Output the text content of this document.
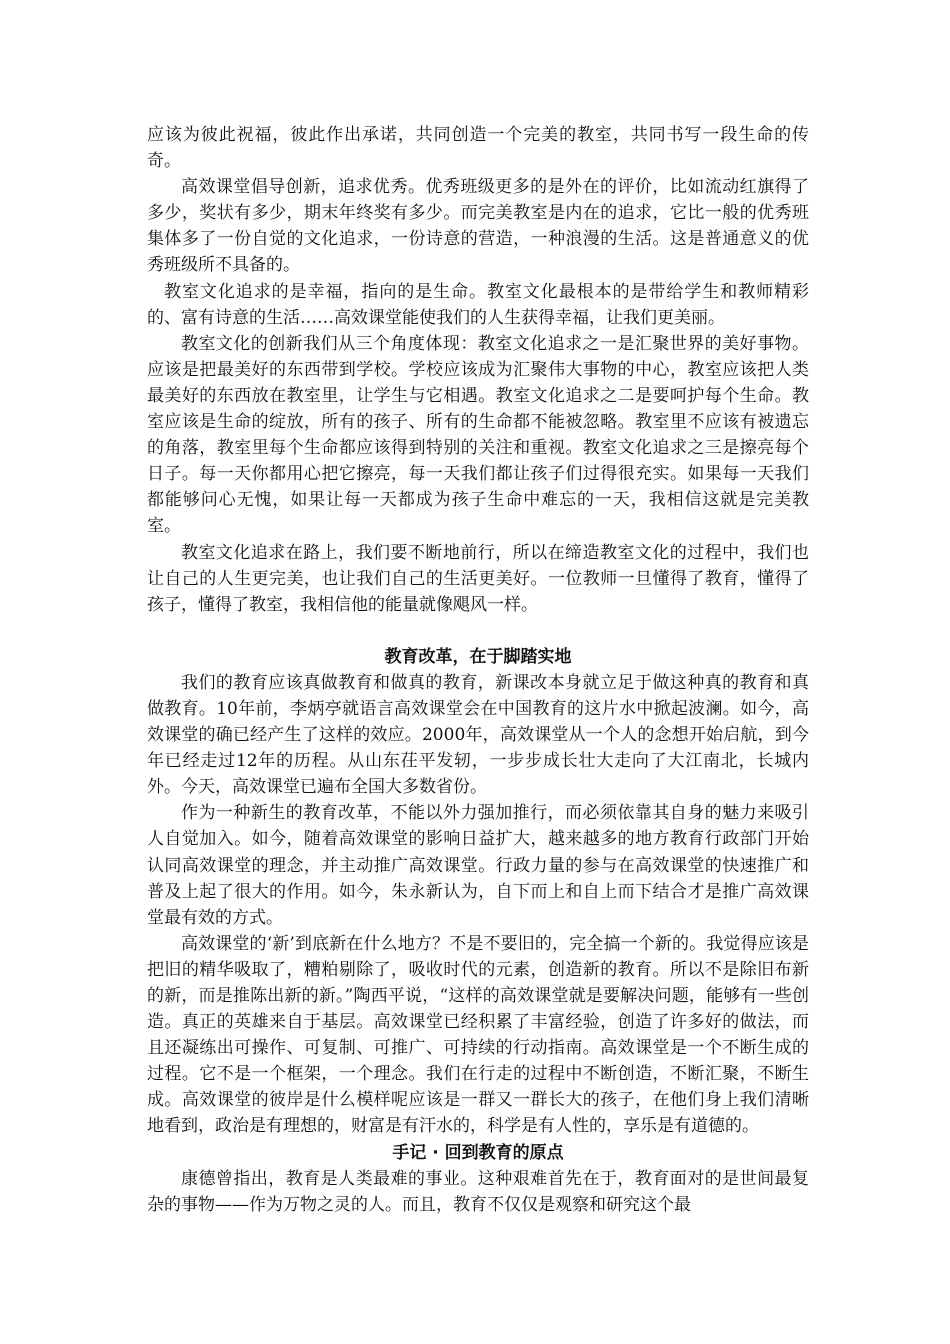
应该为彼此祝福，彼此作出承诺，共同创造一个完美的教室，共同书写一段生命的传奇。

高效课堂倡导创新，追求优秀。优秀班级更多的是外在的评价，比如流动红旗得了多少，奖状有多少，期末年终奖有多少。而完美教室是内在的追求，它比一般的优秀班集体多了一份自觉的文化追求，一份诗意的营造，一种浪漫的生活。这是普通意义的优秀班级所不具备的。

教室文化追求的是幸福，指向的是生命。教室文化最根本的是带给学生和教师精彩的、富有诗意的生活……高效课堂能使我们的人生获得幸福，让我们更美丽。

教室文化的创新我们从三个角度体现：教室文化追求之一是汇聚世界的美好事物。应该是把最美好的东西带到学校。学校应该成为汇聚伟大事物的中心，教室应该把人类最美好的东西放在教室里，让学生与它相遇。教室文化追求之二是要呵护每个生命。教室应该是生命的绽放，所有的孩子、所有的生命都不能被忽略。教室里不应该有被遗忘的角落，教室里每个生命都应该得到特别的关注和重视。教室文化追求之三是擦亮每个日子。每一天你都用心把它擦亮，每一天我们都让孩子们过得很充实。如果每一天我们都能够问心无愧，如果让每一天都成为孩子生命中难忘的一天，我相信这就是完美教室。

教室文化追求在路上，我们要不断地前行，所以在缔造教室文化的过程中，我们也让自己的人生更完美，也让我们自己的生活更美好。一位教师一旦懂得了教育，懂得了孩子，懂得了教室，我相信他的能量就像飓风一样。

教育改革，在于脚踏实地

我们的教育应该真做教育和做真的教育，新课改本身就立足于做这种真的教育和真做教育。10年前，李炳亭就语言高效课堂会在中国教育的这片水中掀起波澜。如今，高效课堂的确已经产生了这样的效应。2000年，高效课堂从一个人的念想开始启航，到今年已经走过12年的历程。从山东茌平发轫，一步步成长壮大走向了大江南北，长城内外。今天，高效课堂已遍布全国大多数省份。

作为一种新生的教育改革，不能以外力强加推行，而必须依靠其自身的魅力来吸引人自觉加入。如今，随着高效课堂的影响日益扩大，越来越多的地方教育行政部门开始认同高效课堂的理念，并主动推广高效课堂。行政力量的参与在高效课堂的快速推广和普及上起了很大的作用。如今，朱永新认为，自下而上和自上而下结合才是推广高效课堂最有效的方式。

高效课堂的‘新’到底新在什么地方？不是不要旧的，完全搞一个新的。我觉得应该是把旧的精华吸取了，糟粕剔除了，吸收时代的元素，创造新的教育。所以不是除旧布新的新，而是推陈出新的新。”陶西平说，“这样的高效课堂就是要解决问题，能够有一些创造。真正的英雄来自于基层。高效课堂已经积累了丰富经验，创造了许多好的做法，而且还凝练出可操作、可复制、可推广、可持续的行动指南。高效课堂是一个不断生成的过程。它不是一个框架，一个理念。我们在行走的过程中不断创造，不断汇聚，不断生成。高效课堂的彼岸是什么模样呢应该是一群又一群长大的孩子，在他们身上我们清晰地看到，政治是有理想的，财富是有汗水的，科学是有人性的，享乐是有道德的。

手记 · 回到教育的原点

康德曾指出，教育是人类最难的事业。这种艰难首先在于，教育面对的是世间最复杂的事物——作为万物之灵的人。而且，教育不仅仅是观察和研究这个最
